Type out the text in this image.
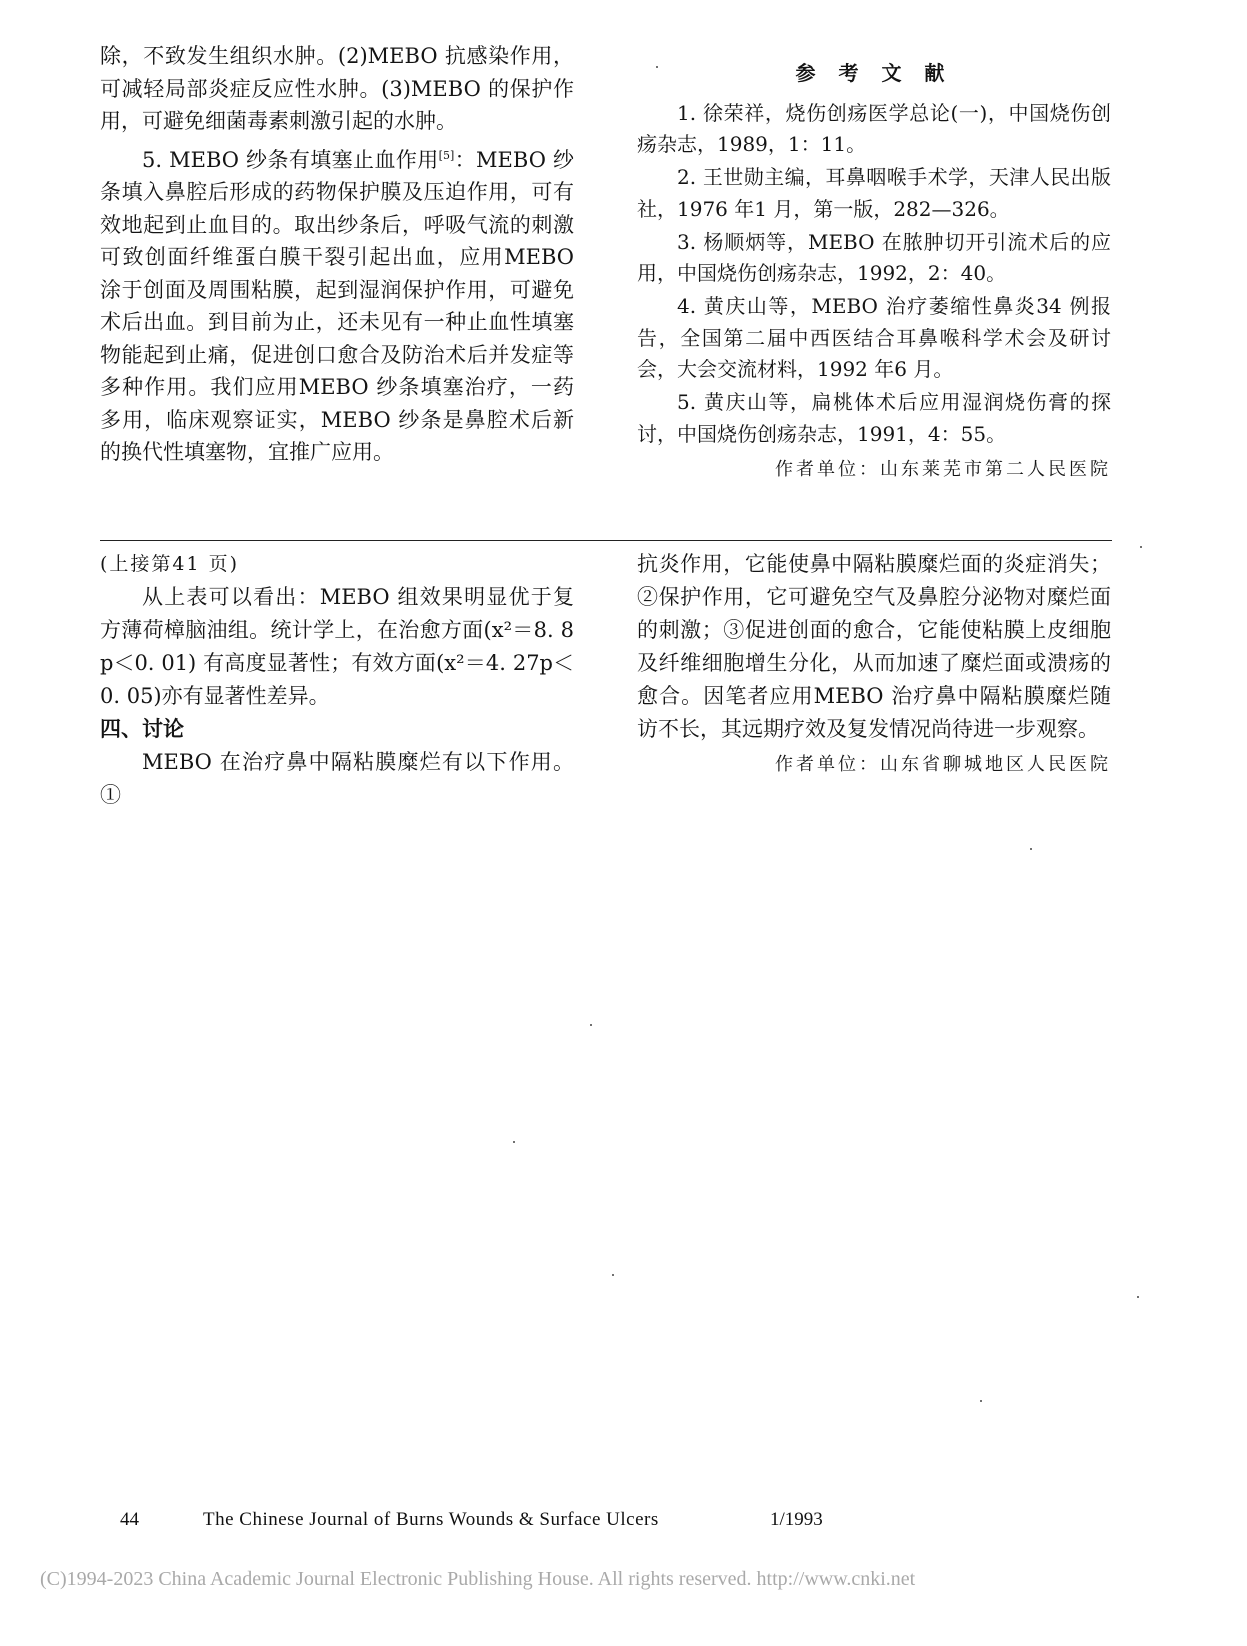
除，不致发生组织水肿。(2)MEBO 抗感染作用，可减轻局部炎症反应性水肿。(3)MEBO 的保护作用，可避免细菌毒素刺激引起的水肿。

5. MEBO 纱条有填塞止血作用[5]：MEBO 纱条填入鼻腔后形成的药物保护膜及压迫作用，可有效地起到止血目的。取出纱条后，呼吸气流的刺激可致创面纤维蛋白膜干裂引起出血，应用MEBO 涂于创面及周围粘膜，起到湿润保护作用，可避免术后出血。到目前为止，还未见有一种止血性填塞物能起到止痛，促进创口愈合及防治术后并发症等多种作用。我们应用MEBO 纱条填塞治疗，一药多用，临床观察证实，MEBO 纱条是鼻腔术后新的换代性填塞物，宜推广应用。

参 考 文 献

1. 徐荣祥，烧伤创疡医学总论(一)，中国烧伤创疡杂志，1989，1：11。

2. 王世勋主编，耳鼻咽喉手术学，天津人民出版社，1976 年1 月，第一版，282—326。

3. 杨顺炳等，MEBO 在脓肿切开引流术后的应用，中国烧伤创疡杂志，1992，2：40。

4. 黄庆山等，MEBO 治疗萎缩性鼻炎34 例报告，全国第二届中西医结合耳鼻喉科学术会及研讨会，大会交流材料，1992 年6 月。

5. 黄庆山等，扁桃体术后应用湿润烧伤膏的探讨，中国烧伤创疡杂志，1991，4：55。

作者单位：山东莱芜市第二人民医院

(上接第41 页)

从上表可以看出：MEBO 组效果明显优于复方薄荷樟脑油组。统计学上，在治愈方面(x²＝8. 8 p＜0. 01) 有高度显著性；有效方面(x²＝4. 27p＜0. 05)亦有显著性差异。

四、讨论

MEBO 在治疗鼻中隔粘膜糜烂有以下作用。①

抗炎作用，它能使鼻中隔粘膜糜烂面的炎症消失；②保护作用，它可避免空气及鼻腔分泌物对糜烂面的刺激；③促进创面的愈合，它能使粘膜上皮细胞及纤维细胞增生分化，从而加速了糜烂面或溃疡的愈合。因笔者应用MEBO 治疗鼻中隔粘膜糜烂随访不长，其远期疗效及复发情况尚待进一步观察。

作者单位：山东省聊城地区人民医院

44	The Chinese Journal of Burns Wounds & Surface Ulcers	1/1993
(C)1994-2023 China Academic Journal Electronic Publishing House. All rights reserved. http://www.cnki.net
